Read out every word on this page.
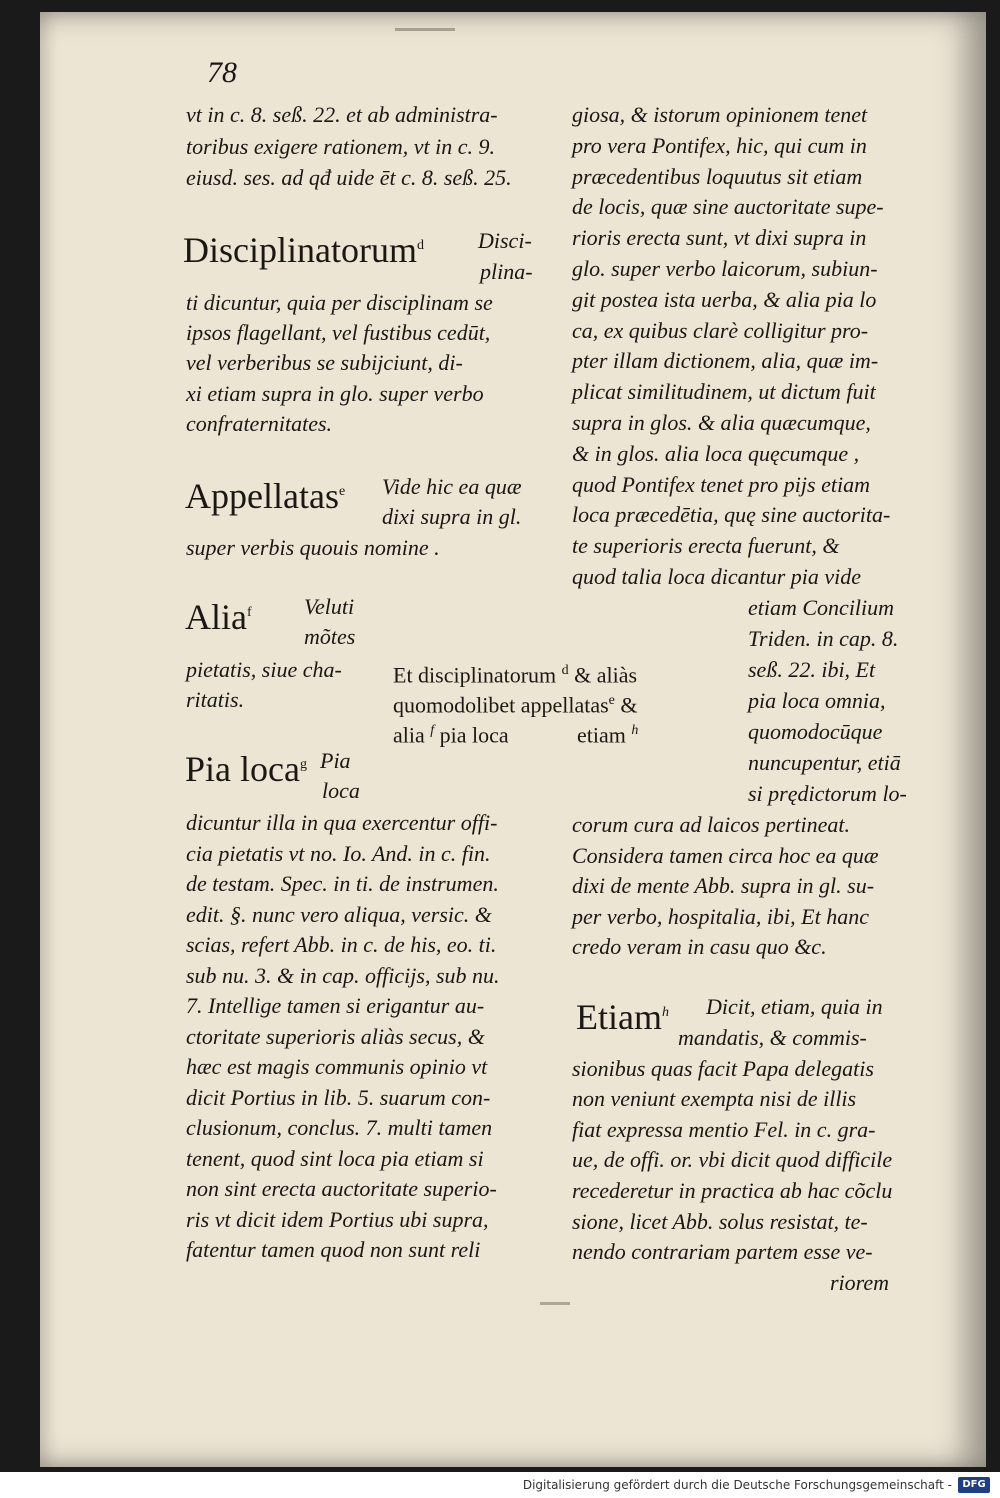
78
vt in c. 8. seß. 22. et ab administra-
toribus exigere rationem, vt in c. 9.
eiusd. ses. ad qđ uide ēt c. 8. seß. 25.
Disciplinatorum$^d$ Disci-
plina-
ti dicuntur, quia per disciplinam se
ipsos flagellant, vel fustibus cedūt,
vel verberibus se subijciunt, di-
xi etiam supra in glo. super verbo
confraternitates.
Appellatas$^e$ Vide hic ea quæ
dixi supra in gl.
super verbis quouis nomine .
Alia$^f$ Veluti
mõtes
pietatis, siue cha-
ritatis.
Pia loca$^g$ Pia
loca
dicuntur illa in qua exercentur offi-
cia pietatis vt no. Io. And. in c. fin.
de testam. Spec. in ti. de instrumen.
edit. §. nunc vero aliqua, versic. &
scias, refert Abb. in c. de his, eo. ti.
sub nu. 3. & in cap. officijs, sub nu.
7. Intellige tamen si erigantur au-
ctoritate superioris aliàs secus, &
hæc est magis communis opinio vt
dicit Portius in lib. 5. suarum con-
clusionum, conclus. 7. multi tamen
tenent, quod sint loca pia etiam si
non sint erecta auctoritate superio-
ris vt dicit idem Portius ubi supra,
fatentur tamen quod non sunt reli
Et disciplinatorum $^d$ & aliàs
quomodolibet appellatas$^e$ &
alia $^f$ pia loca	etiam $^h$
giosa, & istorum opinionem tenet
pro vera Pontifex, hic, qui cum in
præcedentibus loquutus sit etiam
de locis, quæ sine auctoritate supe-
rioris erecta sunt, vt dixi supra in
glo. super verbo laicorum, subiun-
git postea ista uerba, & alia pia lo
ca, ex quibus clarè colligitur pro-
pter illam dictionem, alia, quæ im-
plicat similitudinem, ut dictum fuit
supra in glos. & alia quæcumque,
& in glos. alia loca quęcumque ,
quod Pontifex tenet pro pijs etiam
loca præcedētia, quę sine auctorita-
te superioris erecta fuerunt, &
quod talia loca dicantur pia vide
etiam Concilium
Triden. in cap. 8.
seß. 22. ibi, Et
pia loca omnia,
quomodocūque
nuncupentur, etiā
si prędictorum lo-
corum cura ad laicos pertineat.
Considera tamen circa hoc ea quæ
dixi de mente Abb. supra in gl. su-
per verbo, hospitalia, ibi, Et hanc
credo veram in casu quo &c.
Etiam$^h$ Dicit, etiam, quia in
mandatis, & commis-
sionibus quas facit Papa delegatis
non veniunt exempta nisi de illis
fiat expressa mentio Fel. in c. gra-
ue, de offi. or. vbi dicit quod difficile
recederetur in practica ab hac cõclu
sione, licet Abb. solus resistat, te-
nendo contrariam partem esse ve-
riorem
Digitalisierung gefördert durch die Deutsche Forschungsgemeinschaft -	DFG
